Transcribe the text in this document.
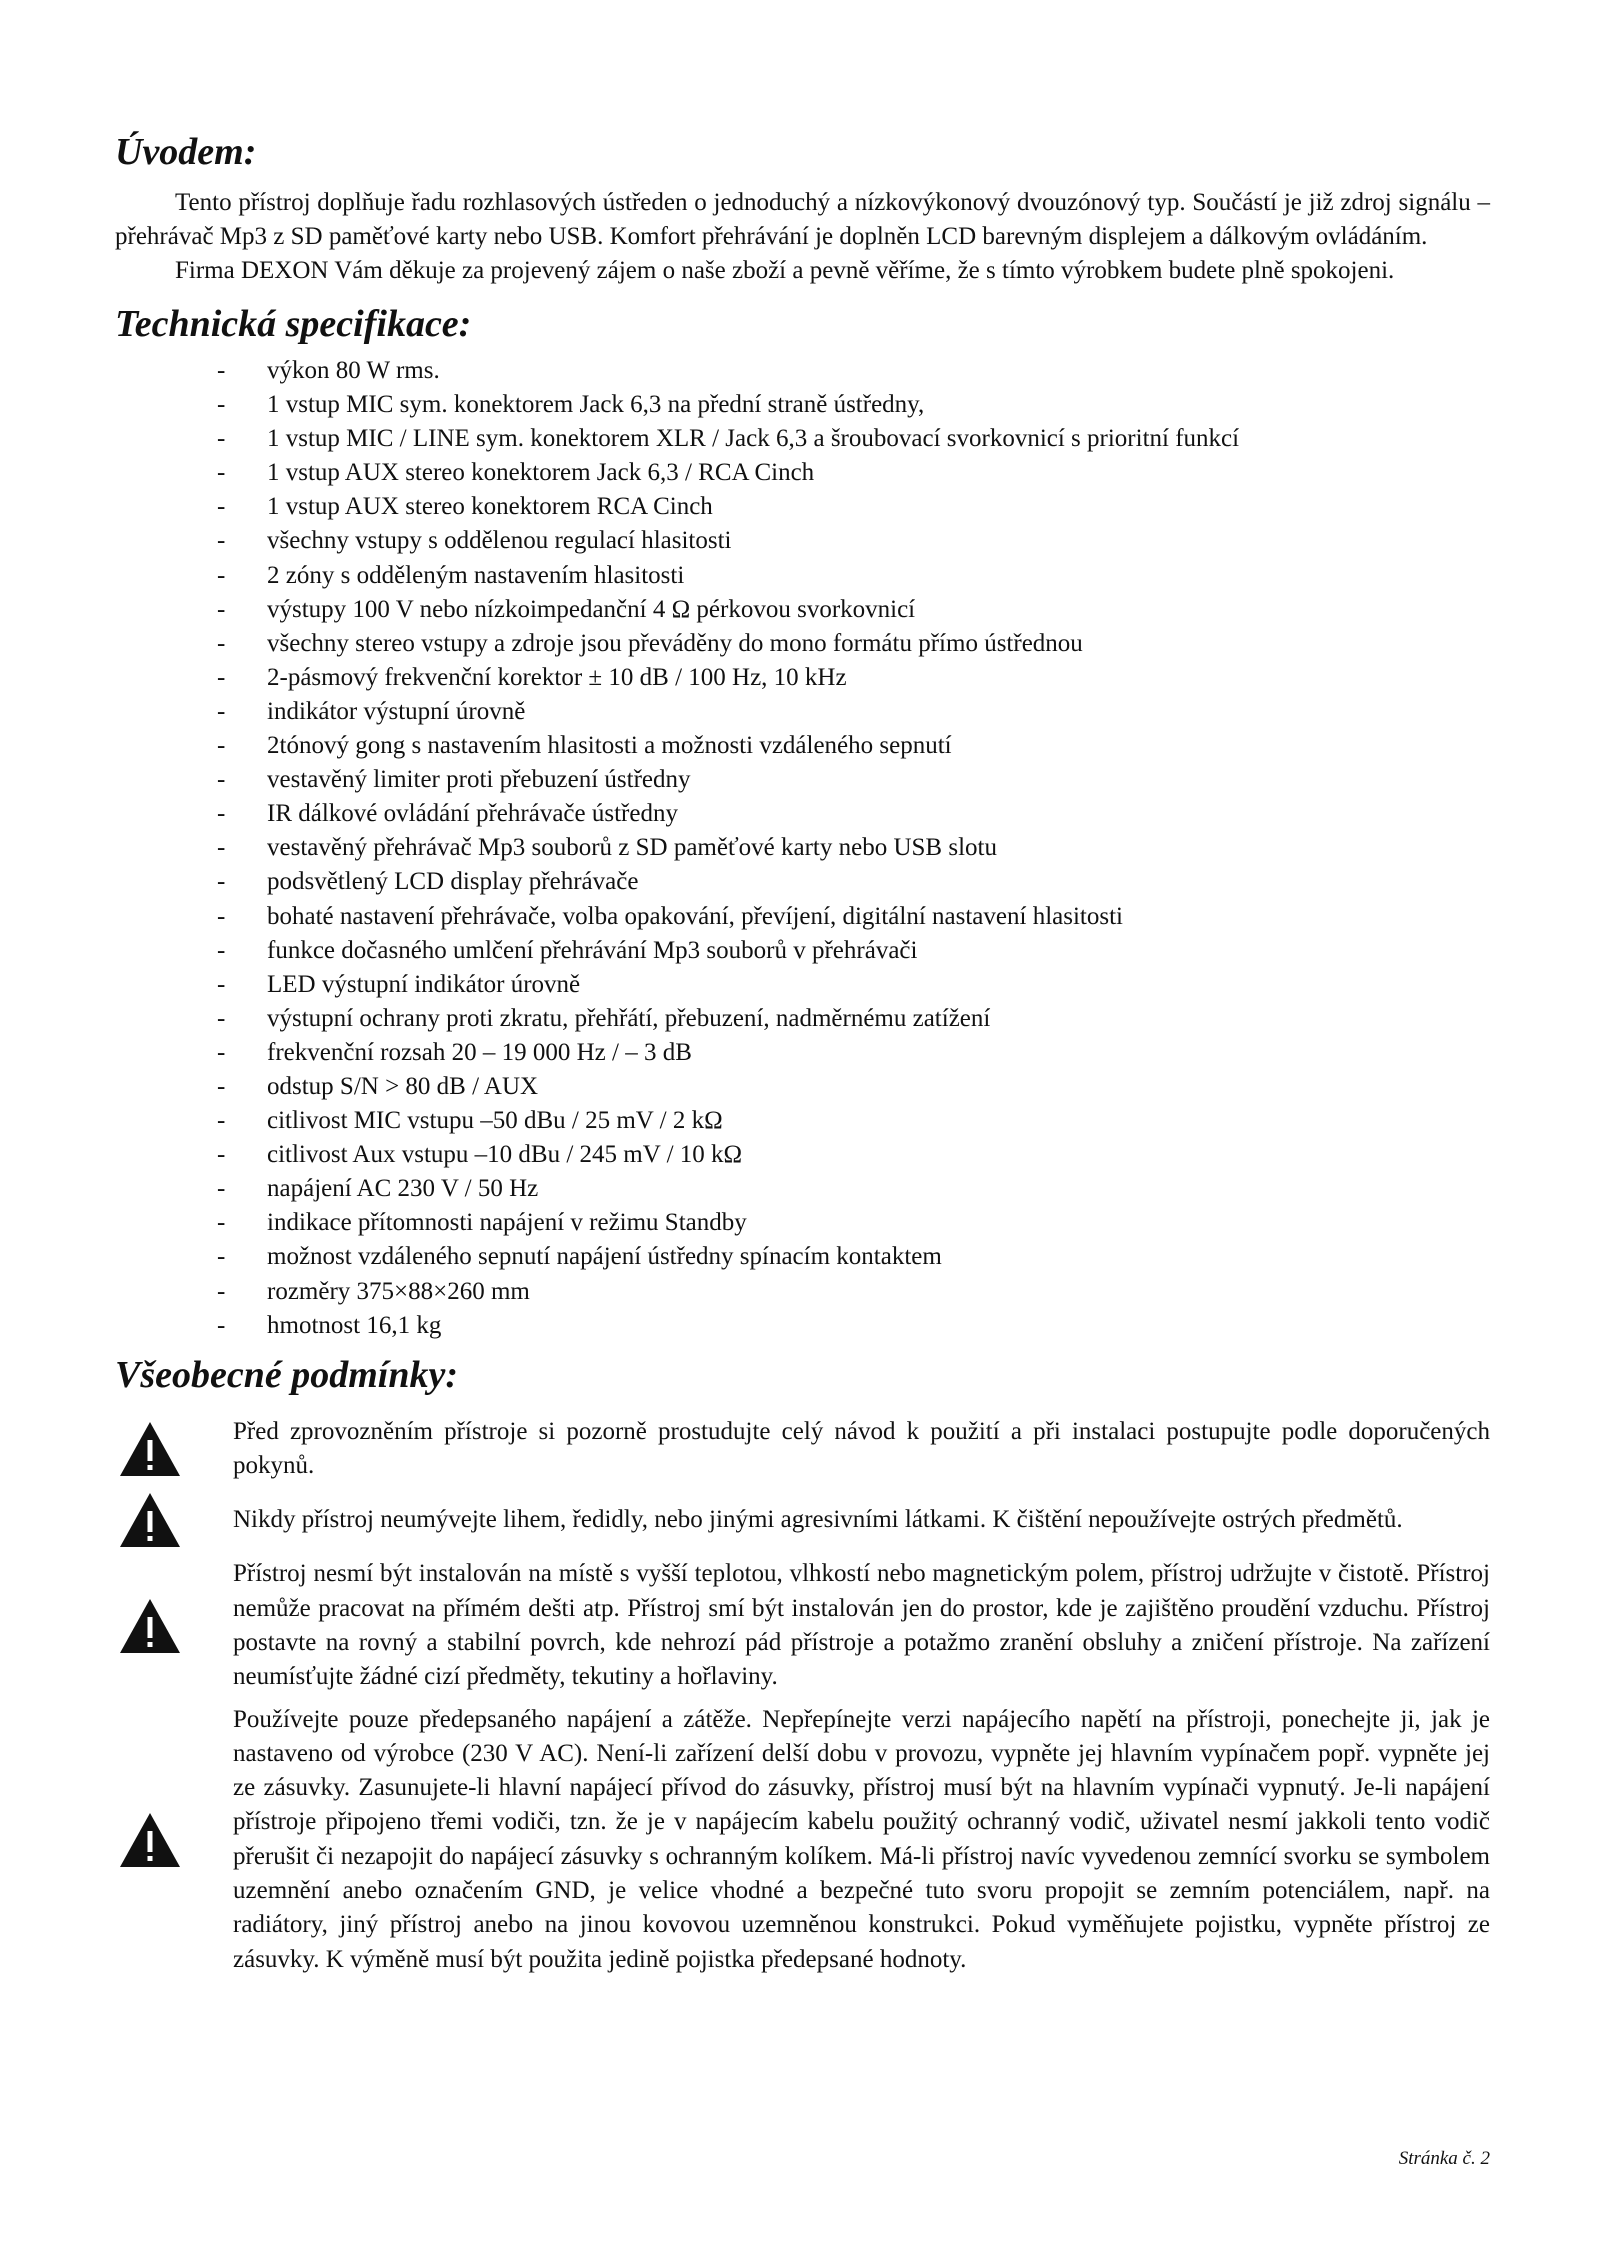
Úvodem:

Tento přístroj doplňuje řadu rozhlasových ústředen o jednoduchý a nízkovýkonový dvouzónový typ. Součástí je již zdroj signálu – přehrávač Mp3 z SD paměťové karty nebo USB. Komfort přehrávání je doplněn LCD barevným displejem a dálkovým ovládáním.

Firma DEXON Vám děkuje za projevený zájem o naše zboží a pevně věříme, že s tímto výrobkem budete plně spokojeni.

Technická specifikace:
- výkon 80 W rms.
- 1 vstup MIC sym. konektorem Jack 6,3 na přední straně ústředny,
- 1 vstup MIC / LINE sym. konektorem XLR / Jack 6,3 a šroubovací svorkovnicí s prioritní funkcí
- 1 vstup AUX stereo konektorem Jack 6,3 / RCA Cinch
- 1 vstup AUX stereo konektorem RCA Cinch
- všechny vstupy s oddělenou regulací hlasitosti
- 2 zóny s odděleným nastavením hlasitosti
- výstupy 100 V nebo nízkoimpedanční 4 Ω pérkovou svorkovnicí
- všechny stereo vstupy a zdroje jsou převáděny do mono formátu přímo ústřednou
- 2-pásmový frekvenční korektor ± 10 dB / 100 Hz, 10 kHz
- indikátor výstupní úrovně
- 2tónový gong s nastavením hlasitosti a možnosti vzdáleného sepnutí
- vestavěný limiter proti přebuzení ústředny
- IR dálkové ovládání přehrávače ústředny
- vestavěný přehrávač Mp3 souborů z SD paměťové karty nebo USB slotu
- podsvětlený LCD display přehrávače
- bohaté nastavení přehrávače, volba opakování, převíjení, digitální nastavení hlasitosti
- funkce dočasného umlčení přehrávání Mp3 souborů v přehrávači
- LED výstupní indikátor úrovně
- výstupní ochrany proti zkratu, přehřátí, přebuzení, nadměrnému zatížení
- frekvenční rozsah 20 – 19 000 Hz / – 3 dB
- odstup S/N > 80 dB / AUX
- citlivost MIC vstupu –50 dBu / 25 mV / 2 kΩ
- citlivost Aux vstupu –10 dBu / 245 mV / 10 kΩ
- napájení AC 230 V / 50 Hz
- indikace přítomnosti napájení v režimu Standby
- možnost vzdáleného sepnutí napájení ústředny spínacím kontaktem
- rozměry 375×88×260 mm
- hmotnost 16,1 kg
Všeobecné podmínky:
Před zprovozněním přístroje si pozorně prostudujte celý návod k použití a při instalaci postupujte podle doporučených pokynů.
Nikdy přístroj neumývejte lihem, ředidly, nebo jinými agresivními látkami. K čištění nepoužívejte ostrých předmětů.
Přístroj nesmí být instalován na místě s vyšší teplotou, vlhkostí nebo magnetickým polem, přístroj udržujte v čistotě. Přístroj nemůže pracovat na přímém dešti atp. Přístroj smí být instalován jen do prostor, kde je zajištěno proudění vzduchu. Přístroj postavte na rovný a stabilní povrch, kde nehrozí pád přístroje a potažmo zranění obsluhy a zničení přístroje. Na zařízení neumísťujte žádné cizí předměty, tekutiny a hořlaviny.
Používejte pouze předepsaného napájení a zátěže. Nepřepínejte verzi napájecího napětí na přístroji, ponechejte ji, jak je nastaveno od výrobce (230 V AC). Není-li zařízení delší dobu v provozu, vypněte jej hlavním vypínačem popř. vypněte jej ze zásuvky. Zasunujete-li hlavní napájecí přívod do zásuvky, přístroj musí být na hlavním vypínači vypnutý. Je-li napájení přístroje připojeno třemi vodiči, tzn. že je v napájecím kabelu použitý ochranný vodič, uživatel nesmí jakkoli tento vodič přerušit či nezapojit do napájecí zásuvky s ochranným kolíkem. Má-li přístroj navíc vyvedenou zemnící svorku se symbolem uzemnění anebo označením GND, je velice vhodné a bezpečné tuto svoru propojit se zemním potenciálem, např. na radiátory, jiný přístroj anebo na jinou kovovou uzemněnou konstrukci. Pokud vyměňujete pojistku, vypněte přístroj ze zásuvky. K výměně musí být použita jedině pojistka předepsané hodnoty.
Stránka č. 2
